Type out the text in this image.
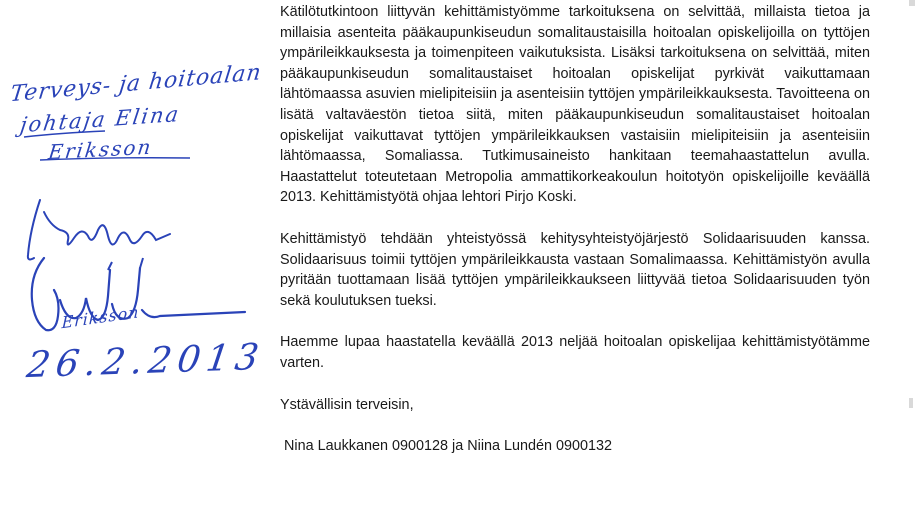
Kätilötutkintoon liittyvän kehittämistyömme tarkoituksena on selvittää, millaista tietoa ja millaisia asenteita pääkaupunkiseudun somalitaustaisilla hoitoalan opiskelijoilla on tyttöjen ympärileikkauksesta ja toimenpiteen vaikutuksista. Lisäksi tarkoituksena on selvittää, miten pääkaupunkiseudun somalitaustaiset hoitoalan opiskelijat pyrkivät vaikuttamaan lähtömaassa asuvien mielipiteisiin ja asenteisiin tyttöjen ympärileikkauksesta. Tavoitteena on lisätä valtaväestön tietoa siitä, miten pääkaupunkiseudun somalitaustaiset hoitoalan opiskelijat vaikuttavat tyttöjen ympärileikkauksen vastaisiin mielipiteisiin ja asenteisiin lähtömaassa, Somaliassa. Tutkimusaineisto hankitaan teemahaastattelun avulla. Haastattelut toteutetaan Metropolia ammattikorkeakoulun hoitotyön opiskelijoille keväällä 2013. Kehittämistyötä ohjaa lehtori Pirjo Koski.

Kehittämistyö tehdään yhteistyössä kehitysyhteistyöjärjestö Solidaarisuuden kanssa. Solidaarisuus toimii tyttöjen ympärileikkausta vastaan Somalimaassa. Kehittämistyön avulla pyritään tuottamaan lisää tyttöjen ympärileikkaukseen liittyvää tietoa Solidaarisuuden työn sekä koulutuksen tueksi.

Haemme lupaa haastatella keväällä 2013 neljää hoitoalan opiskelijaa kehittämistyötämme varten.

Ystävällisin terveisin,

Nina Laukkanen 0900128 ja Niina Lundén 0900132

Terveys- ja hoitoalan
johtaja Elina
Eriksson
Eriksson
26.2.2013
